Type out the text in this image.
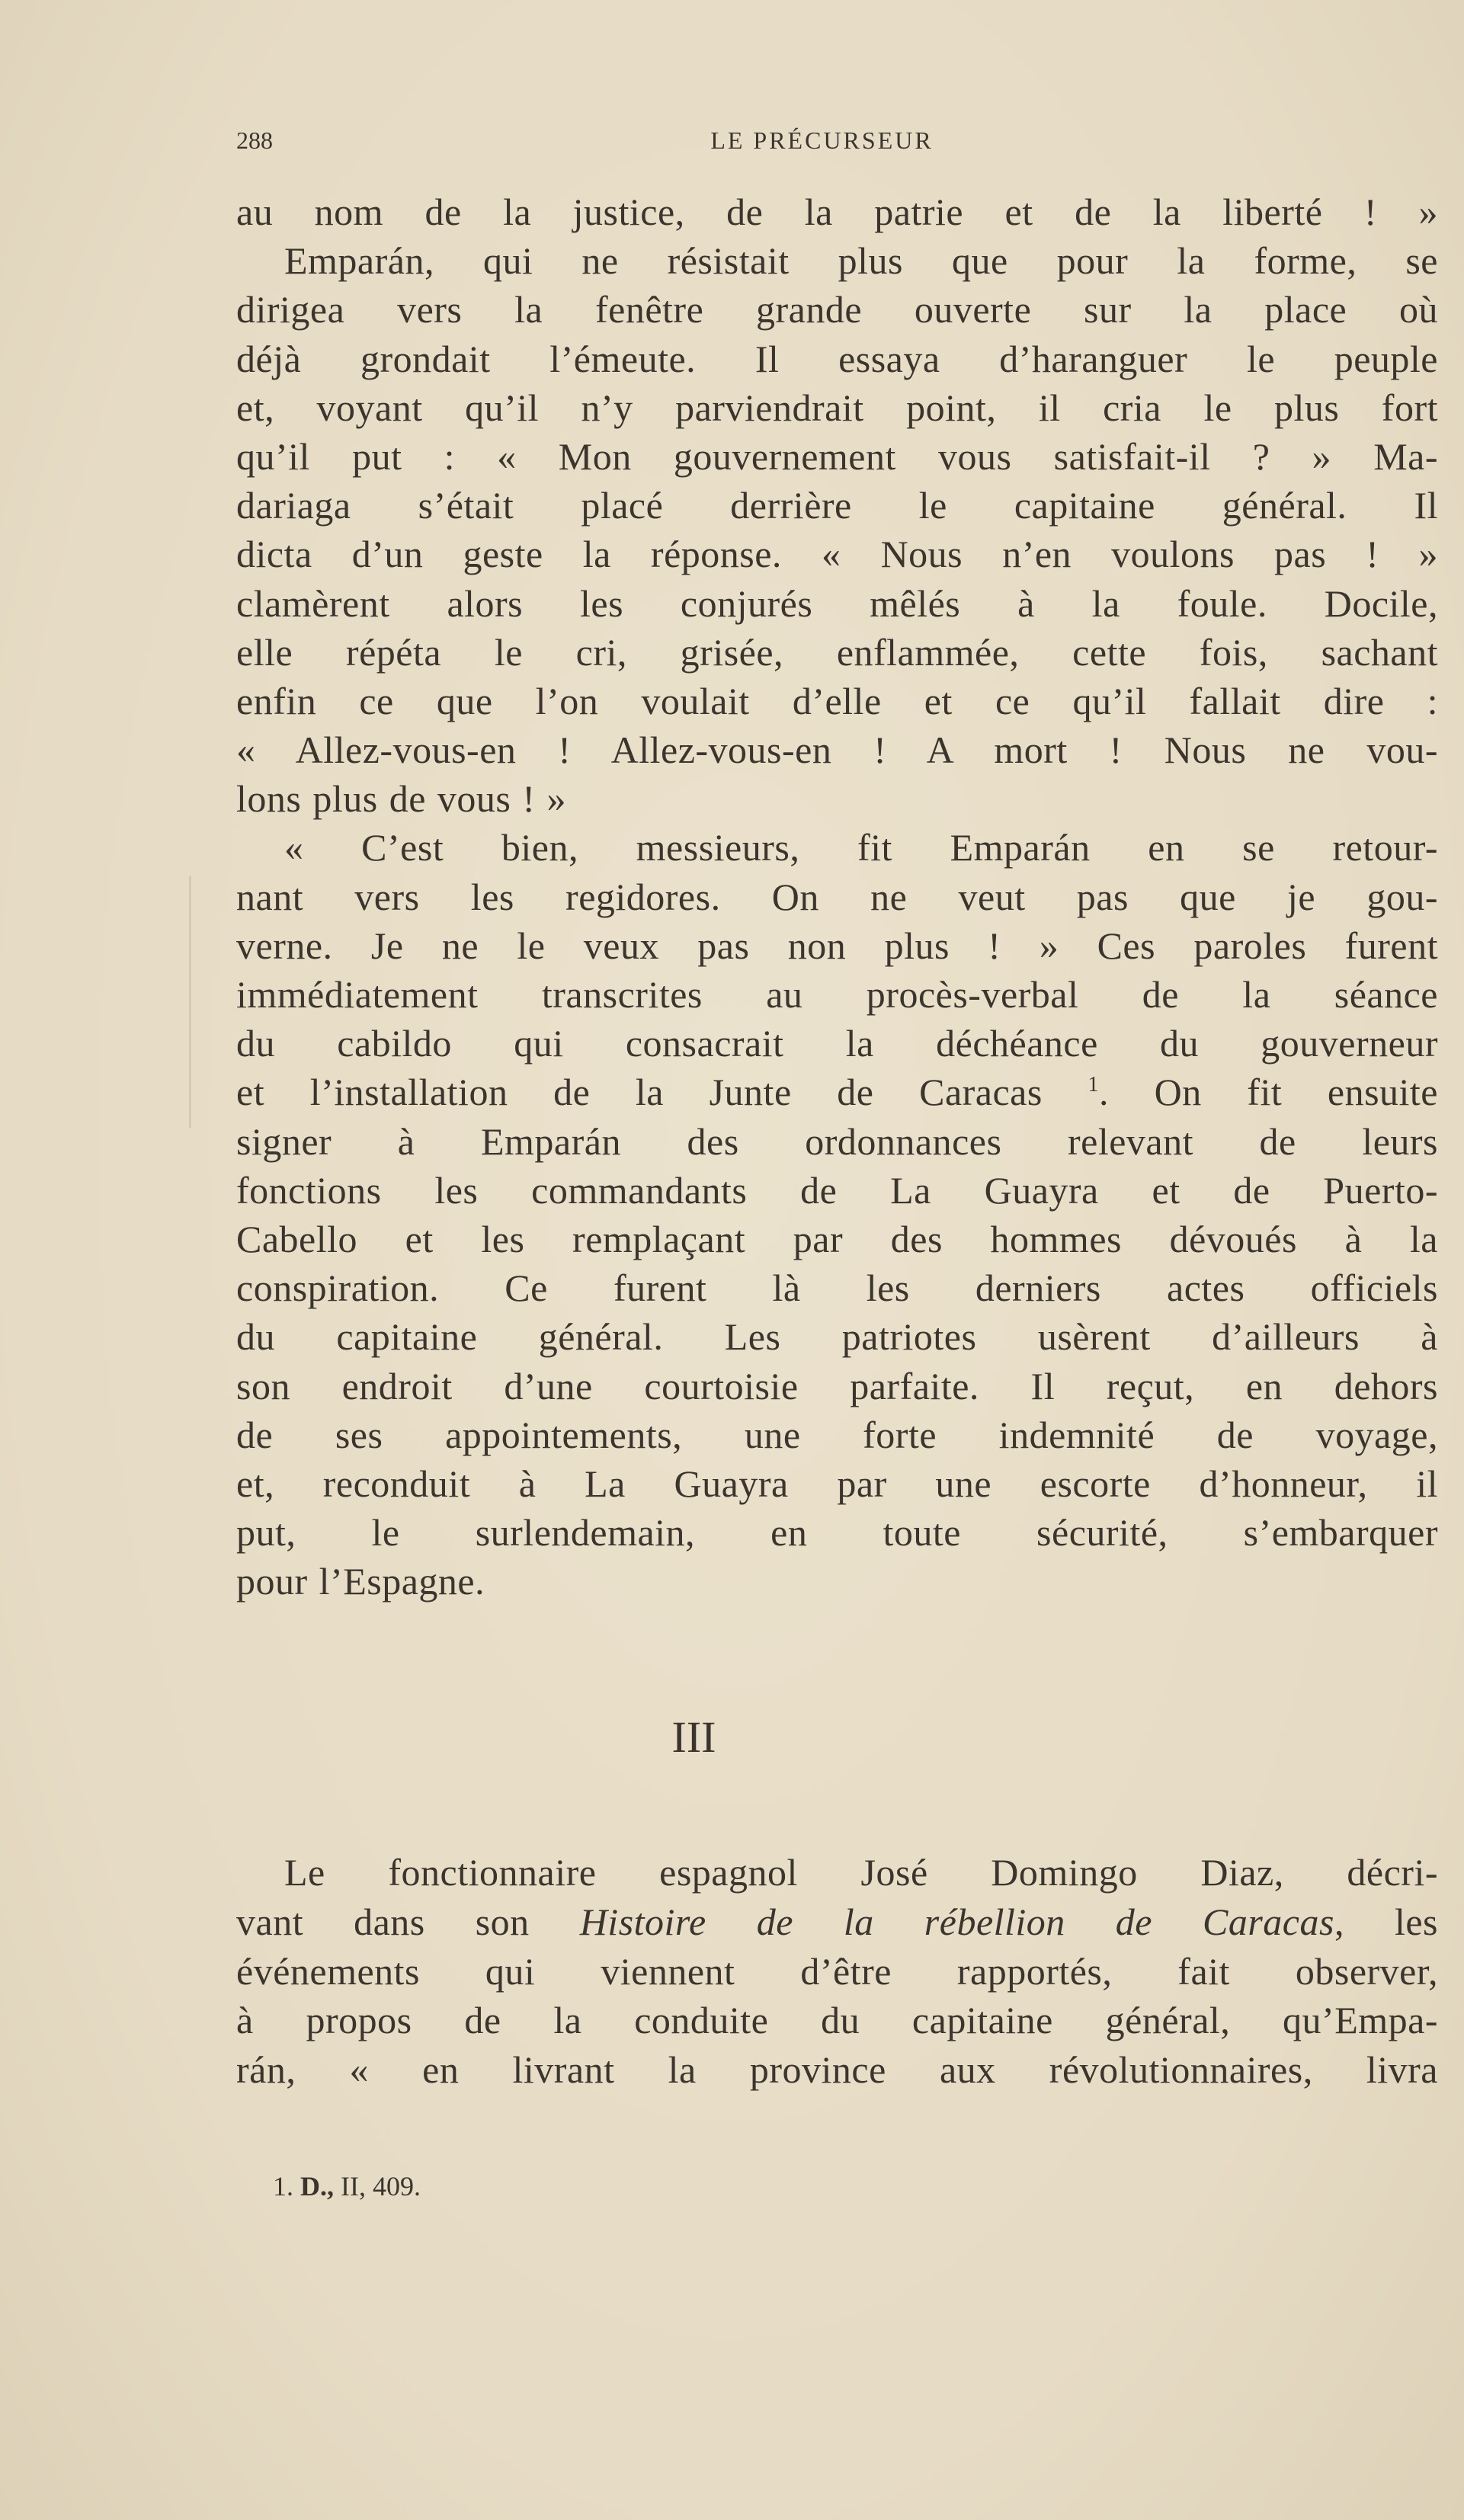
288	LE PRÉCURSEUR
au nom de la justice, de la patrie et de la liberté ! »
Emparán, qui ne résistait plus que pour la forme, se
dirigea vers la fenêtre grande ouverte sur la place où
déjà grondait l’émeute. Il essaya d’haranguer le peuple
et, voyant qu’il n’y parviendrait point, il cria le plus fort
qu’il put : « Mon gouvernement vous satisfait-il ? » Ma-
dariaga s’était placé derrière le capitaine général. Il
dicta d’un geste la réponse. « Nous n’en voulons pas ! »
clamèrent alors les conjurés mêlés à la foule. Docile,
elle répéta le cri, grisée, enflammée, cette fois, sachant
enfin ce que l’on voulait d’elle et ce qu’il fallait dire :
« Allez-vous-en ! Allez-vous-en ! A mort ! Nous ne vou-
lons plus de vous ! »
« C’est bien, messieurs, fit Emparán en se retour-
nant vers les regidores. On ne veut pas que je gou-
verne. Je ne le veux pas non plus ! » Ces paroles furent
immédiatement transcrites au procès-verbal de la séance
du cabildo qui consacrait la déchéance du gouverneur
et l’installation de la Junte de Caracas $^1$. On fit ensuite
signer à Emparán des ordonnances relevant de leurs
fonctions les commandants de La Guayra et de Puerto-
Cabello et les remplaçant par des hommes dévoués à la
conspiration. Ce furent là les derniers actes officiels
du capitaine général. Les patriotes usèrent d’ailleurs à
son endroit d’une courtoisie parfaite. Il reçut, en dehors
de ses appointements, une forte indemnité de voyage,
et, reconduit à La Guayra par une escorte d’honneur, il
put, le surlendemain, en toute sécurité, s’embarquer
pour l’Espagne.
III
Le fonctionnaire espagnol José Domingo Diaz, décri-
vant dans son Histoire de la rébellion de Caracas, les
événements qui viennent d’être rapportés, fait observer,
à propos de la conduite du capitaine général, qu’Empa-
rán, « en livrant la province aux révolutionnaires, livra
1. D., II, 409.
